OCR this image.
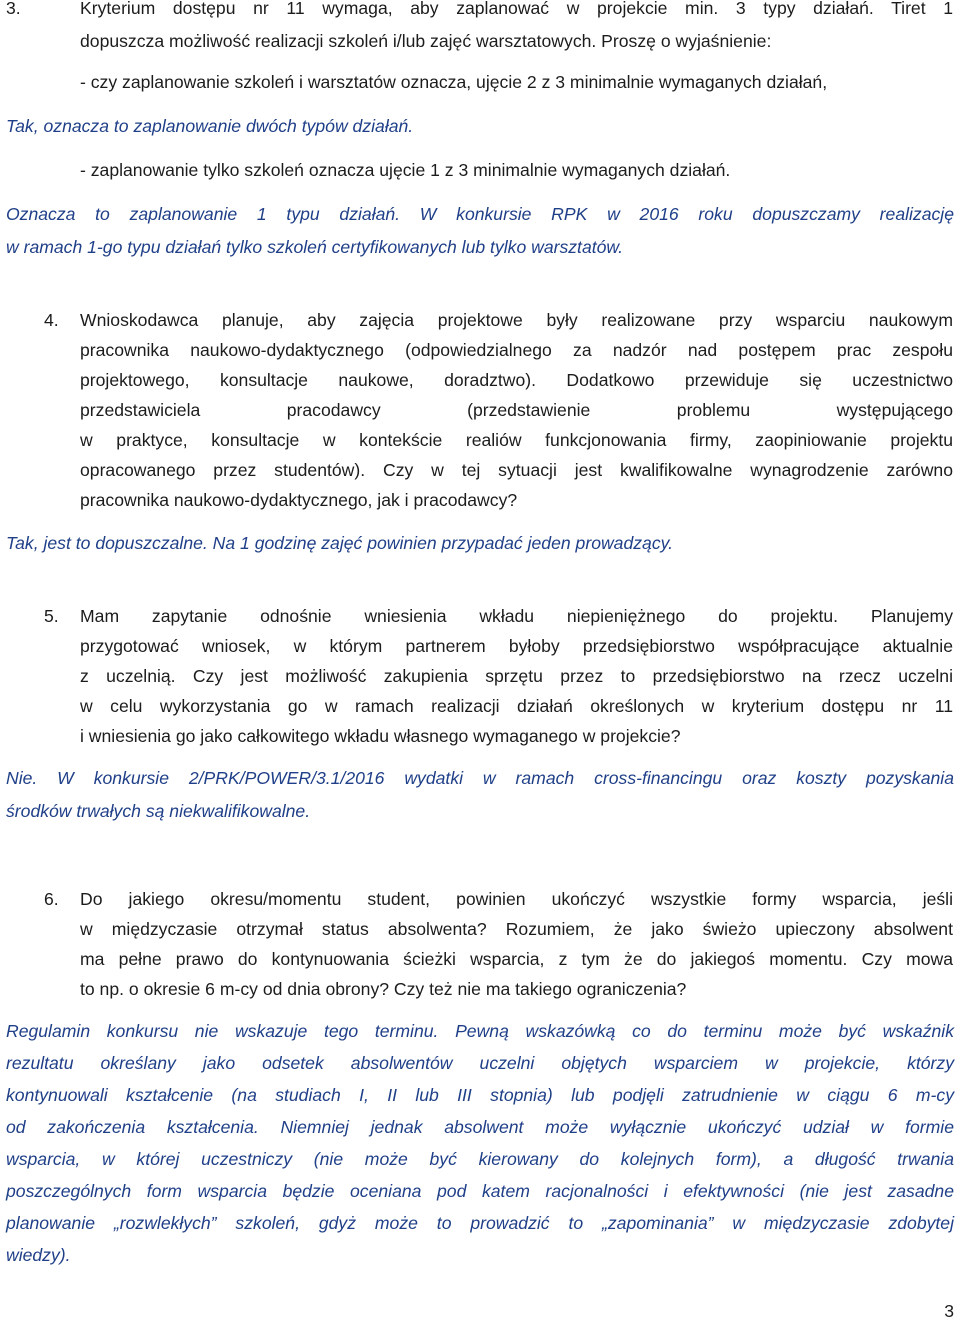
3.	Kryterium dostępu nr 11 wymaga, aby zaplanować w projekcie min. 3 typy działań. Tiret 1
dopuszcza możliwość realizacji szkoleń i/lub zajęć warsztatowych. Proszę o wyjaśnienie:
- czy zaplanowanie szkoleń i warsztatów oznacza, ujęcie 2 z 3 minimalnie wymaganych działań,
Tak, oznacza to zaplanowanie dwóch typów działań.
- zaplanowanie tylko szkoleń oznacza ujęcie 1 z 3 minimalnie wymaganych działań.
Oznacza to zaplanowanie 1 typu działań. W konkursie RPK w 2016 roku dopuszczamy realizację
w ramach 1-go typu działań tylko szkoleń certyfikowanych lub tylko warsztatów.
4. Wnioskodawca planuje, aby zajęcia projektowe były realizowane przy wsparciu naukowym
pracownika naukowo-dydaktycznego (odpowiedzialnego za nadzór nad postępem prac zespołu
projektowego, konsultacje naukowe, doradztwo). Dodatkowo przewiduje się uczestnictwo
przedstawiciela pracodawcy (przedstawienie problemu występującego
w praktyce, konsultacje w kontekście realiów funkcjonowania firmy, zaopiniowanie projektu
opracowanego przez studentów). Czy w tej sytuacji jest kwalifikowalne wynagrodzenie zarówno
pracownika naukowo-dydaktycznego, jak i pracodawcy?
Tak, jest to dopuszczalne. Na 1 godzinę zajęć powinien przypadać jeden prowadzący.
5. Mam zapytanie odnośnie wniesienia wkładu niepieniężnego do projektu. Planujemy
przygotować wniosek, w którym partnerem byłoby przedsiębiorstwo współpracujące aktualnie
z uczelnią. Czy jest możliwość zakupienia sprzętu przez to przedsiębiorstwo na rzecz uczelni
w celu wykorzystania go w ramach realizacji działań określonych w kryterium dostępu nr 11
i wniesienia go jako całkowitego wkładu własnego wymaganego w projekcie?
Nie. W konkursie 2/PRK/POWER/3.1/2016 wydatki w ramach cross-financingu oraz koszty pozyskania
środków trwałych są niekwalifikowalne.
6. Do jakiego okresu/momentu student, powinien ukończyć wszystkie formy wsparcia, jeśli
w międzyczasie otrzymał status absolwenta? Rozumiem, że jako świeżo upieczony absolwent
ma pełne prawo do kontynuowania ścieżki wsparcia, z tym że do jakiegoś momentu. Czy mowa
to np. o okresie 6 m-cy od dnia obrony? Czy też nie ma takiego ograniczenia?
Regulamin konkursu nie wskazuje tego terminu. Pewną wskazówką co do terminu może być wskaźnik
rezultatu określany jako odsetek absolwentów uczelni objętych wsparciem w projekcie, którzy
kontynuowali kształcenie (na studiach I, II lub III stopnia) lub podjęli zatrudnienie w ciągu 6 m-cy
od zakończenia kształcenia. Niemniej jednak absolwent może wyłącznie ukończyć udział w formie
wsparcia, w której uczestniczy (nie może być kierowany do kolejnych form), a długość trwania
poszczególnych form wsparcia będzie oceniana pod katem racjonalności i efektywności (nie jest zasadne
planowanie „rozwlekłych” szkoleń, gdyż może to prowadzić to „zapominania” w międzyczasie zdobytej
wiedzy).
3
